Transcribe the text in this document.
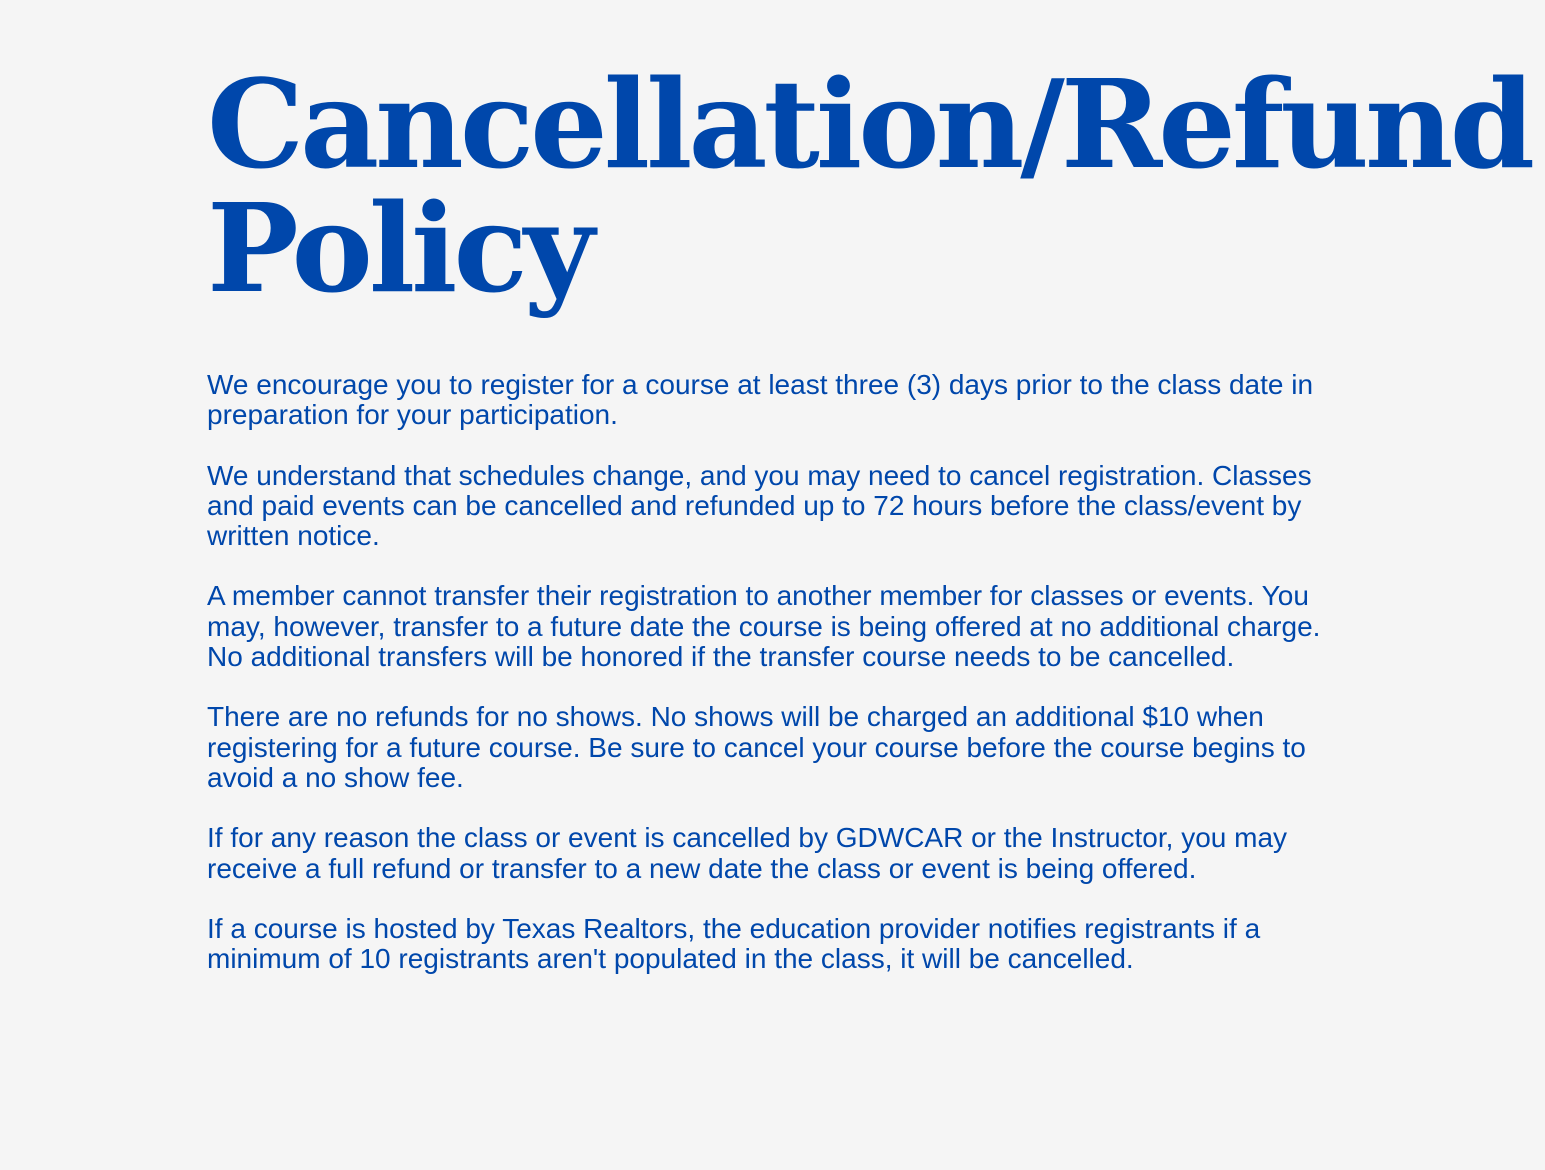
Cancellation/Refund
Policy

We encourage you to register for a course at least three (3) days prior to the class date in preparation for your participation.

We understand that schedules change, and you may need to cancel registration. Classes and paid events can be cancelled and refunded up to 72 hours before the class/event by written notice.

A member cannot transfer their registration to another member for classes or events. You may, however, transfer to a future date the course is being offered at no additional charge. No additional transfers will be honored if the transfer course needs to be cancelled.

There are no refunds for no shows. No shows will be charged an additional $10 when registering for a future course. Be sure to cancel your course before the course begins to avoid a no show fee.

If for any reason the class or event is cancelled by GDWCAR or the Instructor, you may receive a full refund or transfer to a new date the class or event is being offered.

If a course is hosted by Texas Realtors, the education provider notifies registrants if a minimum of 10 registrants aren't populated in the class, it will be cancelled.
